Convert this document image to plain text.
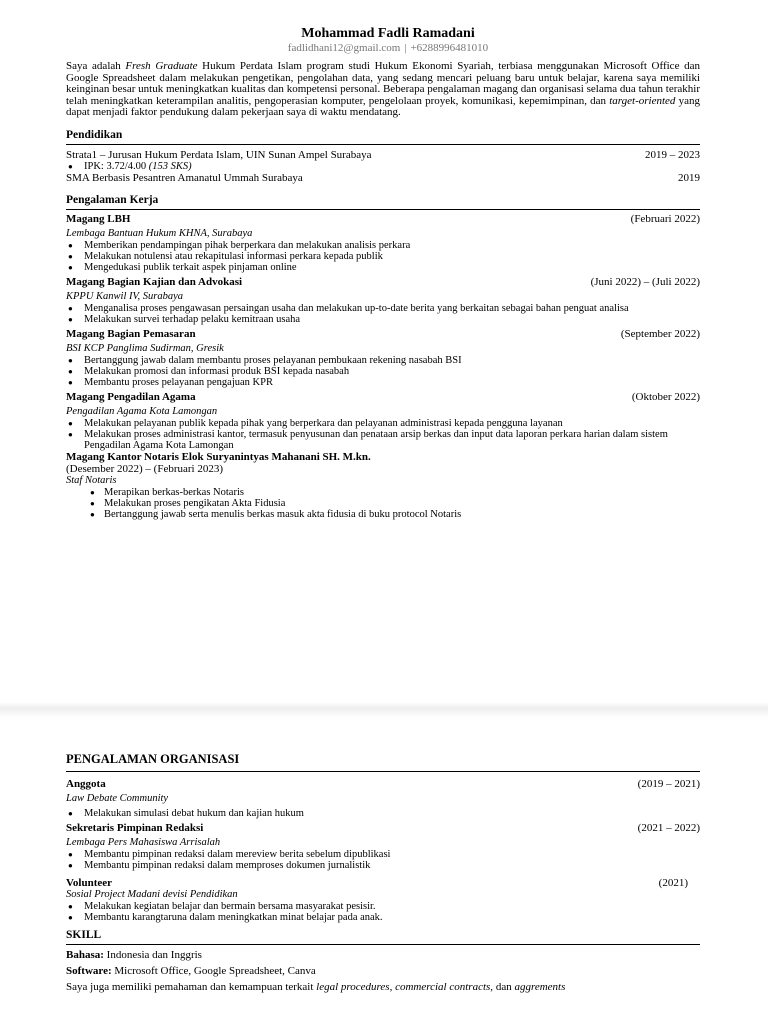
Mohammad Fadli Ramadani
fadlidhani12@gmail.com | +6288996481010
Saya adalah Fresh Graduate Hukum Perdata Islam program studi Hukum Ekonomi Syariah, terbiasa menggunakan Microsoft Office dan Google Spreadsheet dalam melakukan pengetikan, pengolahan data, yang sedang mencari peluang baru untuk belajar, karena saya memiliki keinginan besar untuk meningkatkan kualitas dan kompetensi personal. Beberapa pengalaman magang dan organisasi selama dua tahun terakhir telah meningkatkan keterampilan analitis, pengoperasian komputer, pengelolaan proyek, komunikasi, kepemimpinan, dan target-oriented yang dapat menjadi faktor pendukung dalam pekerjaan saya di waktu mendatang.
Pendidikan
Strata1 – Jurusan Hukum Perdata Islam, UIN Sunan Ampel Surabaya	2019 – 2023
● IPK: 3.72/4.00 (153 SKS)
SMA Berbasis Pesantren Amanatul Ummah Surabaya	2019
Pengalaman Kerja
Magang LBH	(Februari 2022)
Lembaga Bantuan Hukum KHNA, Surabaya
● Memberikan pendampingan pihak berperkara dan melakukan analisis perkara
● Melakukan notulensi atau rekapitulasi informasi perkara kepada publik
● Mengedukasi publik terkait aspek pinjaman online
Magang Bagian Kajian dan Advokasi	(Juni 2022) – (Juli 2022)
KPPU Kanwil IV, Surabaya
● Menganalisa proses pengawasan persaingan usaha dan melakukan up-to-date berita yang berkaitan sebagai bahan penguat analisa
● Melakukan survei terhadap pelaku kemitraan usaha
Magang Bagian Pemasaran	(September 2022)
BSI KCP Panglima Sudirman, Gresik
● Bertanggung jawab dalam membantu proses pelayanan pembukaan rekening nasabah BSI
● Melakukan promosi dan informasi produk BSI kepada nasabah
● Membantu proses pelayanan pengajuan KPR
Magang Pengadilan Agama	(Oktober 2022)
Pengadilan Agama Kota Lamongan
● Melakukan pelayanan publik kepada pihak yang berperkara dan pelayanan administrasi kepada pengguna layanan
● Melakukan proses administrasi kantor, termasuk penyusunan dan penataan arsip berkas dan input data laporan perkara harian dalam sistem Pengadilan Agama Kota Lamongan
Magang Kantor Notaris Elok Suryanintyas Mahanani SH. M.kn.
(Desember 2022) – (Februari 2023)
Staf Notaris
● Merapikan berkas-berkas Notaris
● Melakukan proses pengikatan Akta Fidusia
● Bertanggung jawab serta menulis berkas masuk akta fidusia di buku protocol Notaris
PENGALAMAN ORGANISASI
Anggota	(2019 – 2021)
Law Debate Community
● Melakukan simulasi debat hukum dan kajian hukum
Sekretaris Pimpinan Redaksi	(2021 – 2022)
Lembaga Pers Mahasiswa Arrisalah
● Membantu pimpinan redaksi dalam mereview berita sebelum dipublikasi
● Membantu pimpinan redaksi dalam memproses dokumen jurnalistik
Volunteer	(2021)
Sosial Project Madani devisi Pendidikan
● Melakukan kegiatan belajar dan bermain bersama masyarakat pesisir.
● Membantu karangtaruna dalam meningkatkan minat belajar pada anak.
SKILL
Bahasa: Indonesia dan Inggris
Software: Microsoft Office, Google Spreadsheet, Canva
Saya juga memiliki pemahaman dan kemampuan terkait legal procedures, commercial contracts, dan aggrements
